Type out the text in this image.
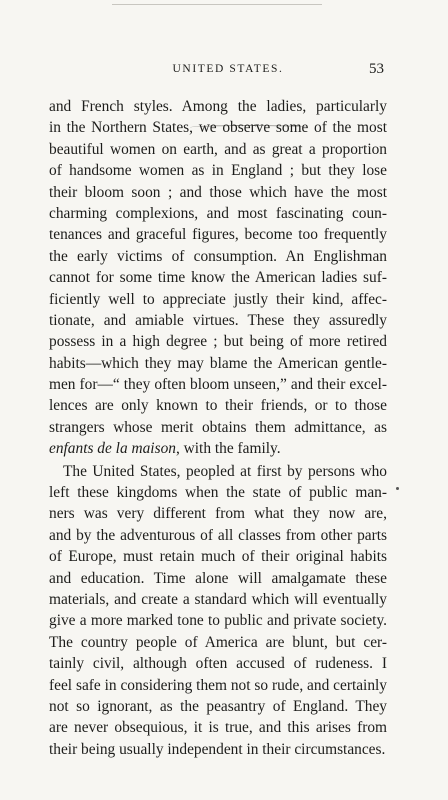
UNITED STATES.	53
and French styles. Among the ladies, particularly
in the Northern States, we observe some of the most
beautiful women on earth, and as great a proportion
of handsome women as in England ; but they lose
their bloom soon ; and those which have the most
charming complexions, and most fascinating coun-
tenances and graceful figures, become too frequently
the early victims of consumption. An Englishman
cannot for some time know the American ladies suf-
ficiently well to appreciate justly their kind, affec-
tionate, and amiable virtues. These they assuredly
possess in a high degree ; but being of more retired
habits—which they may blame the American gentle-
men for—“ they often bloom unseen,” and their excel-
lences are only known to their friends, or to those
strangers whose merit obtains them admittance, as
enfants de la maison, with the family.
The United States, peopled at first by persons who
left these kingdoms when the state of public man-
ners was very different from what they now are,
and by the adventurous of all classes from other parts
of Europe, must retain much of their original habits
and education. Time alone will amalgamate these
materials, and create a standard which will eventually
give a more marked tone to public and private society.
The country people of America are blunt, but cer-
tainly civil, although often accused of rudeness. I
feel safe in considering them not so rude, and certainly
not so ignorant, as the peasantry of England. They
are never obsequious, it is true, and this arises from
their being usually independent in their circumstances.
